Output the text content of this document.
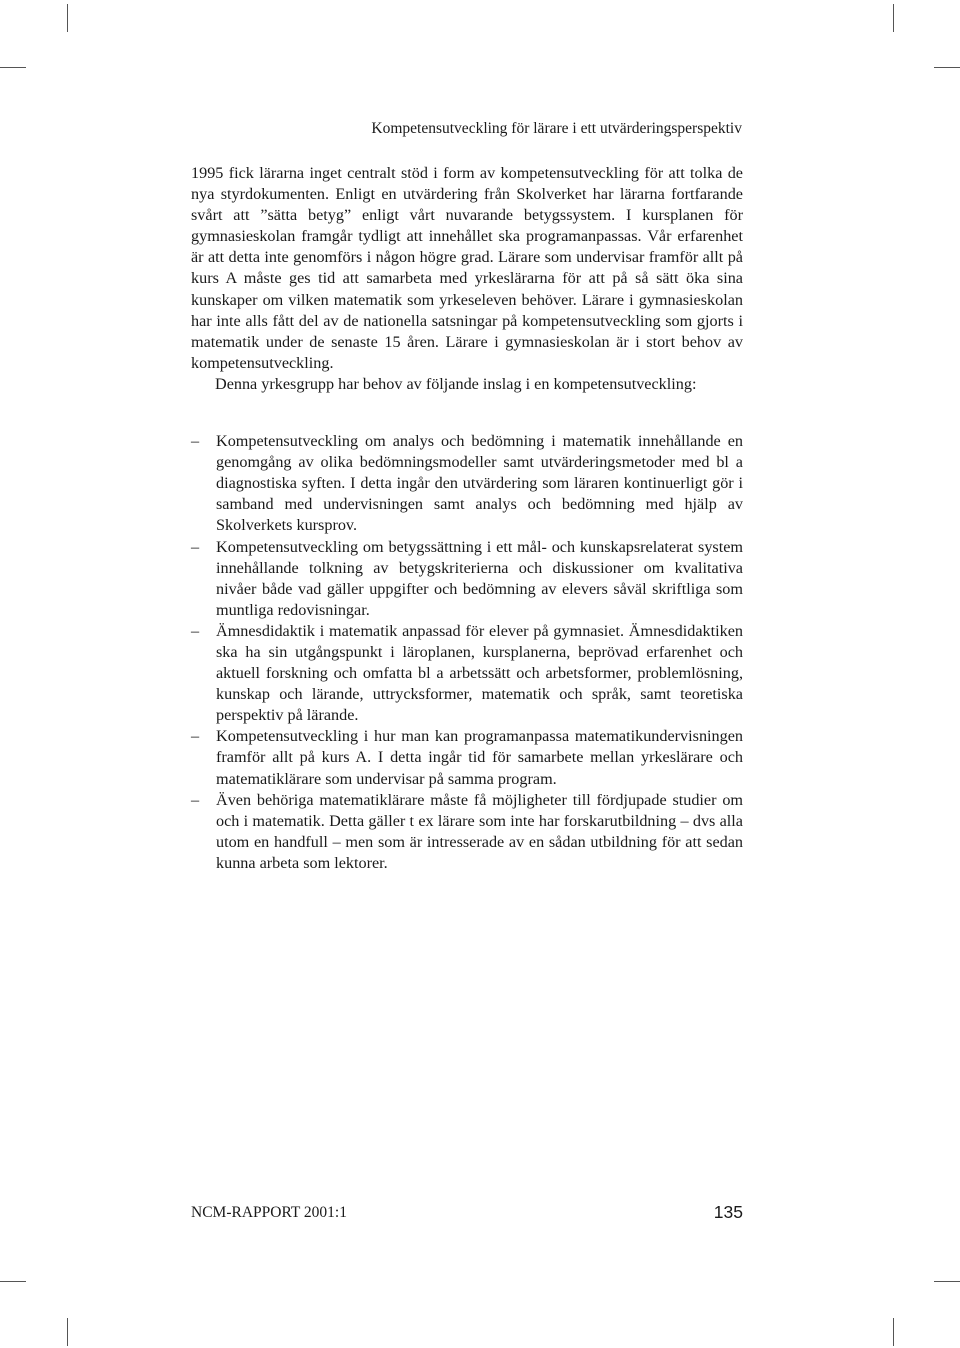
Kompetensutveckling för lärare i ett utvärderingsperspektiv

1995 fick lärarna inget centralt stöd i form av kompetensutveckling för att tolka de nya styrdokumenten. Enligt en utvärdering från Skolverket har lärarna fortfarande svårt att ”sätta betyg” enligt vårt nuvarande betygssystem. I kursplanen för gymnasieskolan framgår tydligt att innehållet ska programanpassas. Vår erfarenhet är att detta inte genomförs i någon högre grad. Lärare som undervisar framför allt på kurs A måste ges tid att samarbeta med yrkeslärarna för att på så sätt öka sina kunskaper om vilken matematik som yrkeseleven behöver. Lärare i gymnasieskolan har inte alls fått del av de nationella satsningar på kompetensutveckling som gjorts i matematik under de senaste 15 åren. Lärare i gymnasieskolan är i stort behov av kompetensutveckling.

Denna yrkesgrupp har behov av följande inslag i en kompetensutveckling:

– Kompetensutveckling om analys och bedömning i matematik innehållande en genomgång av olika bedömningsmodeller samt utvärderingsmetoder med bl a diagnostiska syften. I detta ingår den utvärdering som läraren kontinuerligt gör i samband med undervisningen samt analys och bedömning med hjälp av Skolverkets kursprov.
– Kompetensutveckling om betygssättning i ett mål- och kunskapsrelaterat system innehållande tolkning av betygskriterierna och diskussioner om kvalitativa nivåer både vad gäller uppgifter och bedömning av elevers såväl skriftliga som muntliga redovisningar.
– Ämnesdidaktik i matematik anpassad för elever på gymnasiet. Ämnesdidaktiken ska ha sin utgångspunkt i läroplanen, kursplanerna, beprövad erfarenhet och aktuell forskning och omfatta bl a arbetssätt och arbetsformer, problemlösning, kunskap och lärande, uttrycksformer, matematik och språk, samt teoretiska perspektiv på lärande.
– Kompetensutveckling i hur man kan programanpassa matematikundervisningen framför allt på kurs A. I detta ingår tid för samarbete mellan yrkeslärare och matematiklärare som undervisar på samma program.
– Även behöriga matematiklärare måste få möjligheter till fördjupade studier om och i matematik. Detta gäller t ex lärare som inte har forskarutbildning – dvs alla utom en handfull – men som är intresserade av en sådan utbildning för att sedan kunna arbeta som lektorer.
NCM-RAPPORT 2001:1	135
